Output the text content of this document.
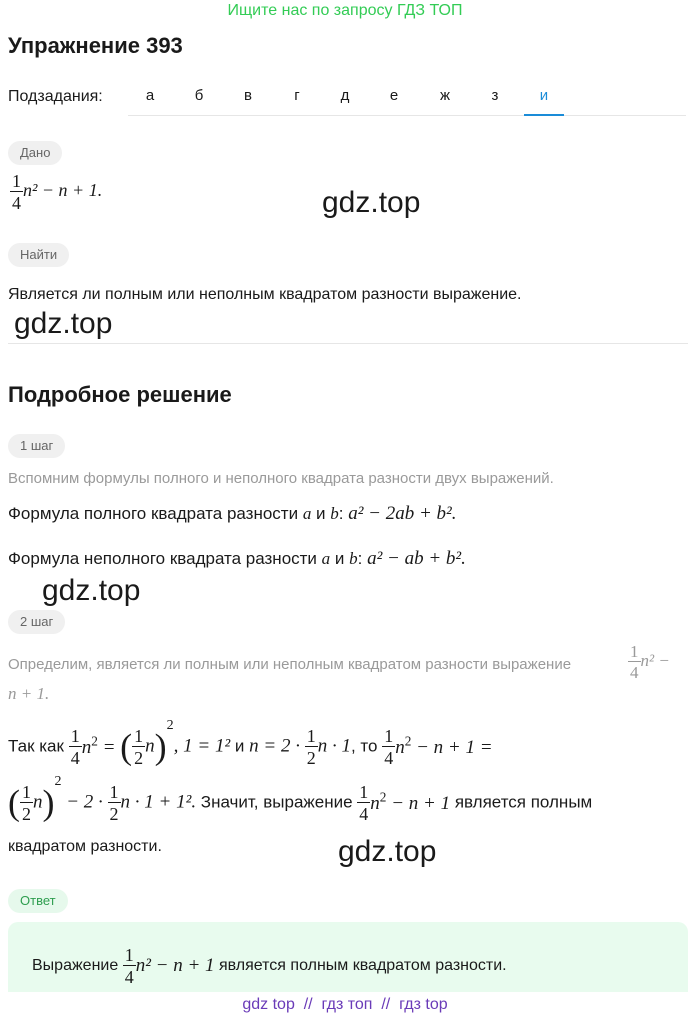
Ищите нас по запросу ГДЗ ТОП
Упражнение 393
Подзадания:	а	б	в	г	д	е	ж	з	и
Дано
$\frac{1}{4} n^2 - n + 1$.	gdz.top
Найти
Является ли полным или неполным квадратом разности выражение.
gdz.top
Подробное решение
1 шаг
Вспомним формулы полного и неполного квадрата разности двух выражений.
Формула полного квадрата разности a и b: a² − 2ab + b².
Формула неполного квадрата разности a и b: a² − ab + b².
gdz.top
2 шаг
Определим, является ли полным или неполным квадратом разности выражение	$\frac{1}{4} n^2$ −
n + 1.
Так как $\frac{1}{4} n^2$ = ( $\frac{1}{2} n)^2$, 1 = 1² и $n = 2 \cdot \frac{1}{2}$ n · 1, то $\frac{1}{4} n^2 - n + 1$ =
( $\frac{1}{2} n)^2 - 2 \cdot \frac{1}{2}$ n · 1 + 1². Значит, выражение $\frac{1}{4} n^2 - n + 1$ является полным
квадратом разности.	gdz.top
Ответ
Выражение $\frac{1}{4} n^2 - n + 1$ является полным квадратом разности.
gdz top // гдз топ // гдз top
